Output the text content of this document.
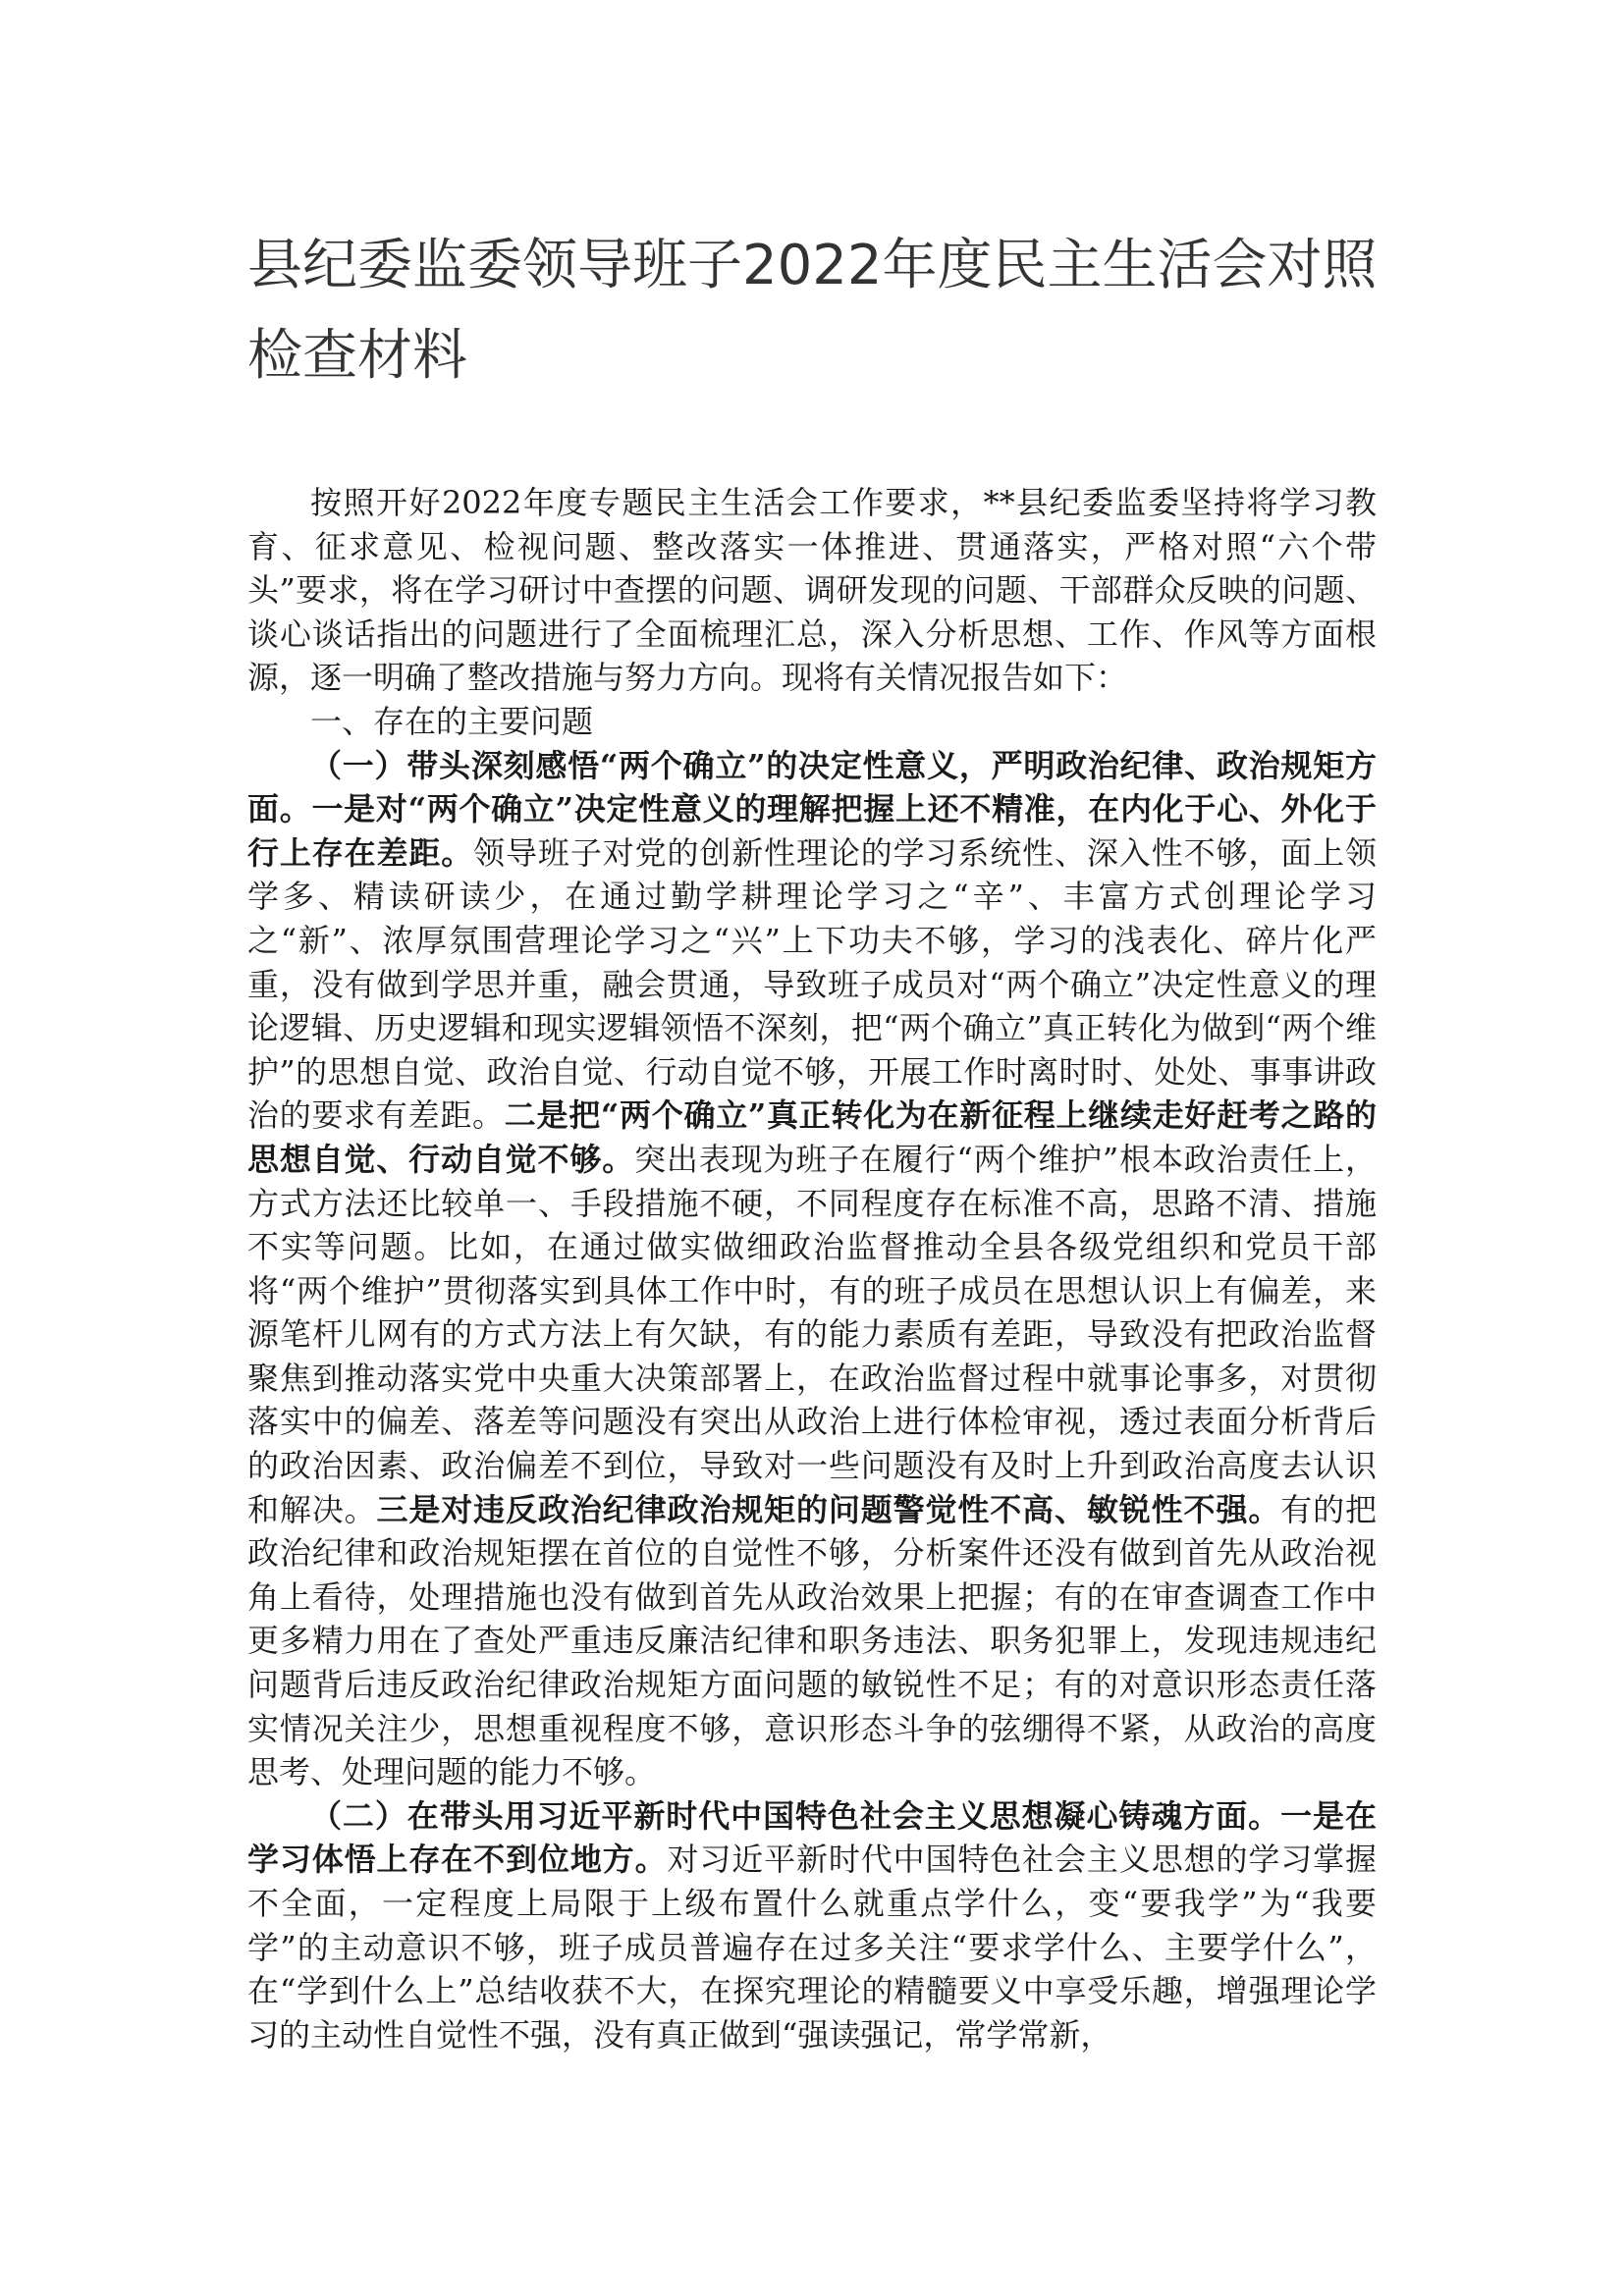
县纪委监委领导班子2022年度民主生活会对照检查材料

按照开好2022年度专题民主生活会工作要求，**县纪委监委坚持将学习教育、征求意见、检视问题、整改落实一体推进、贯通落实，严格对照“六个带头”要求，将在学习研讨中查摆的问题、调研发现的问题、干部群众反映的问题、谈心谈话指出的问题进行了全面梳理汇总，深入分析思想、工作、作风等方面根源，逐一明确了整改措施与努力方向。现将有关情况报告如下：

一、存在的主要问题

（一）带头深刻感悟“两个确立”的决定性意义，严明政治纪律、政治规矩方面。一是对“两个确立”决定性意义的理解把握上还不精准，在内化于心、外化于行上存在差距。领导班子对党的创新性理论的学习系统性、深入性不够，面上领学多、精读研读少，在通过勤学耕理论学习之“辛”、丰富方式创理论学习之“新”、浓厚氛围营理论学习之“兴”上下功夫不够，学习的浅表化、碎片化严重，没有做到学思并重，融会贯通，导致班子成员对“两个确立”决定性意义的理论逻辑、历史逻辑和现实逻辑领悟不深刻，把“两个确立”真正转化为做到“两个维护”的思想自觉、政治自觉、行动自觉不够，开展工作时离时时、处处、事事讲政治的要求有差距。二是把“两个确立”真正转化为在新征程上继续走好赶考之路的思想自觉、行动自觉不够。突出表现为班子在履行“两个维护”根本政治责任上，方式方法还比较单一、手段措施不硬，不同程度存在标准不高，思路不清、措施不实等问题。比如，在通过做实做细政治监督推动全县各级党组织和党员干部将“两个维护”贯彻落实到具体工作中时，有的班子成员在思想认识上有偏差，来源笔杆儿网有的方式方法上有欠缺，有的能力素质有差距，导致没有把政治监督聚焦到推动落实党中央重大决策部署上，在政治监督过程中就事论事多，对贯彻落实中的偏差、落差等问题没有突出从政治上进行体检审视，透过表面分析背后的政治因素、政治偏差不到位，导致对一些问题没有及时上升到政治高度去认识和解决。三是对违反政治纪律政治规矩的问题警觉性不高、敏锐性不强。有的把政治纪律和政治规矩摆在首位的自觉性不够，分析案件还没有做到首先从政治视角上看待，处理措施也没有做到首先从政治效果上把握；有的在审查调查工作中更多精力用在了查处严重违反廉洁纪律和职务违法、职务犯罪上，发现违规违纪问题背后违反政治纪律政治规矩方面问题的敏锐性不足；有的对意识形态责任落实情况关注少，思想重视程度不够，意识形态斗争的弦绷得不紧，从政治的高度思考、处理问题的能力不够。

（二）在带头用习近平新时代中国特色社会主义思想凝心铸魂方面。一是在学习体悟上存在不到位地方。对习近平新时代中国特色社会主义思想的学习掌握不全面，一定程度上局限于上级布置什么就重点学什么，变“要我学”为“我要学”的主动意识不够，班子成员普遍存在过多关注“要求学什么、主要学什么”，在“学到什么上”总结收获不大，在探究理论的精髓要义中享受乐趣，增强理论学习的主动性自觉性不强，没有真正做到“强读强记，常学常新，
